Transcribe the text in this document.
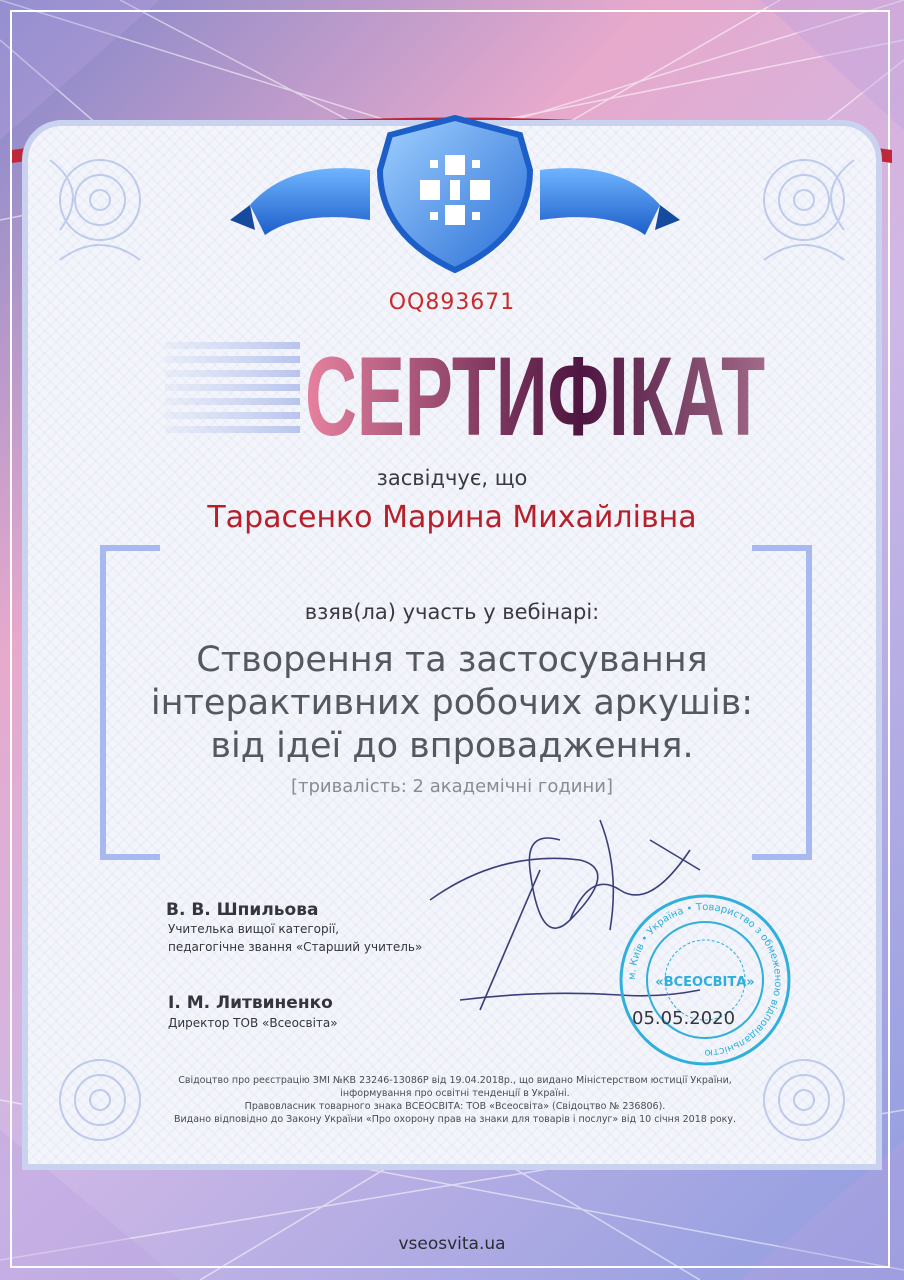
OQ893671
СЕРТИФІКАТ
засвідчує, що
Тарасенко Марина Михайлівна
взяв(ла) участь у вебінарі:
Створення та застосування
інтерактивних робочих аркушів:
від ідеї до впровадження.
[тривалість: 2 академічні години]
В. В. Шпильова
Учителька вищої категорії,
педагогічне звання «Старший учитель»
І. М. Литвиненко
Директор ТОВ «Всеосвіта»
м. Київ • Україна • Товариство з обмеженою відповідальністю
«ВСЕОСВІТА»
05.05.2020
Свідоцтво про реєстрацію ЗМІ №КВ 23246-13086Р від 19.04.2018р., що видано Міністерством юстиції України,
інформування про освітні тенденції в Україні.
Правовласник товарного знака ВСЕОСВІТА: ТОВ «Всеосвіта» (Свідоцтво № 236806).
Видано відповідно до Закону України «Про охорону прав на знаки для товарів і послуг» від 10 січня 2018 року.
vseosvita.ua
